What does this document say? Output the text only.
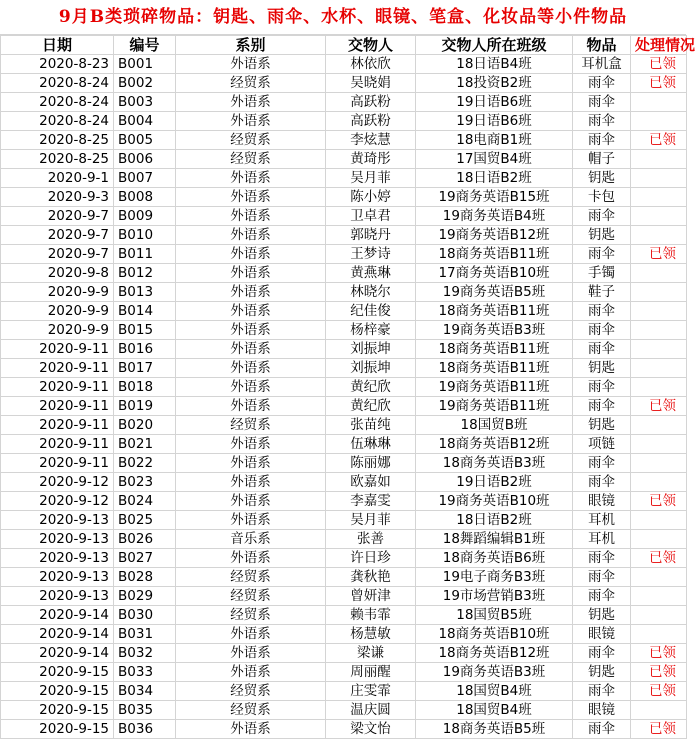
9月B类琐碎物品：钥匙、雨伞、水杯、眼镜、笔盒、化妆品等小件物品
日期	编号	系别	交物人	交物人所在班级	物品	处理情况
2020-8-23	B001	外语系	林依欣	18日语B4班	耳机盒	已领
2020-8-24	B002	经贸系	吴晓娟	18投资B2班	雨伞	已领
2020-8-24	B003	外语系	高跃粉	19日语B6班	雨伞	
2020-8-24	B004	外语系	高跃粉	19日语B6班	雨伞	
2020-8-25	B005	经贸系	李炫慧	18电商B1班	雨伞	已领
2020-8-25	B006	经贸系	黄琦彤	17国贸B4班	帽子	
2020-9-1	B007	外语系	吴月菲	18日语B2班	钥匙	
2020-9-3	B008	外语系	陈小婷	19商务英语B15班	卡包	
2020-9-7	B009	外语系	卫卓君	19商务英语B4班	雨伞	
2020-9-7	B010	外语系	郭晓丹	19商务英语B12班	钥匙	
2020-9-7	B011	外语系	王梦诗	18商务英语B11班	雨伞	已领
2020-9-8	B012	外语系	黄燕琳	17商务英语B10班	手镯	
2020-9-9	B013	外语系	林晓尔	19商务英语B5班	鞋子	
2020-9-9	B014	外语系	纪佳俊	18商务英语B11班	雨伞	
2020-9-9	B015	外语系	杨梓豪	19商务英语B3班	雨伞	
2020-9-11	B016	外语系	刘振坤	18商务英语B11班	雨伞	
2020-9-11	B017	外语系	刘振坤	18商务英语B11班	钥匙	
2020-9-11	B018	外语系	黄纪欣	19商务英语B11班	雨伞	
2020-9-11	B019	外语系	黄纪欣	19商务英语B11班	雨伞	已领
2020-9-11	B020	经贸系	张苗纯	18国贸B班	钥匙	
2020-9-11	B021	外语系	伍琳琳	18商务英语B12班	项链	
2020-9-11	B022	外语系	陈丽娜	18商务英语B3班	雨伞	
2020-9-12	B023	外语系	欧嘉如	19日语B2班	雨伞	
2020-9-12	B024	外语系	李嘉雯	19商务英语B10班	眼镜	已领
2020-9-13	B025	外语系	吴月菲	18日语B2班	耳机	
2020-9-13	B026	音乐系	张善	18舞蹈编辑B1班	耳机	
2020-9-13	B027	外语系	许日珍	18商务英语B6班	雨伞	已领
2020-9-13	B028	经贸系	龚秋艳	19电子商务B3班	雨伞	
2020-9-13	B029	经贸系	曾妍津	19市场营销B3班	雨伞	
2020-9-14	B030	经贸系	赖韦霏	18国贸B5班	钥匙	
2020-9-14	B031	外语系	杨慧敏	18商务英语B10班	眼镜	
2020-9-14	B032	外语系	梁谦	18商务英语B12班	雨伞	已领
2020-9-15	B033	外语系	周丽醒	19商务英语B3班	钥匙	已领
2020-9-15	B034	经贸系	庄雯霏	18国贸B4班	雨伞	已领
2020-9-15	B035	经贸系	温庆圆	18国贸B4班	眼镜	
2020-9-15	B036	外语系	梁文怡	18商务英语B5班	雨伞	已领
